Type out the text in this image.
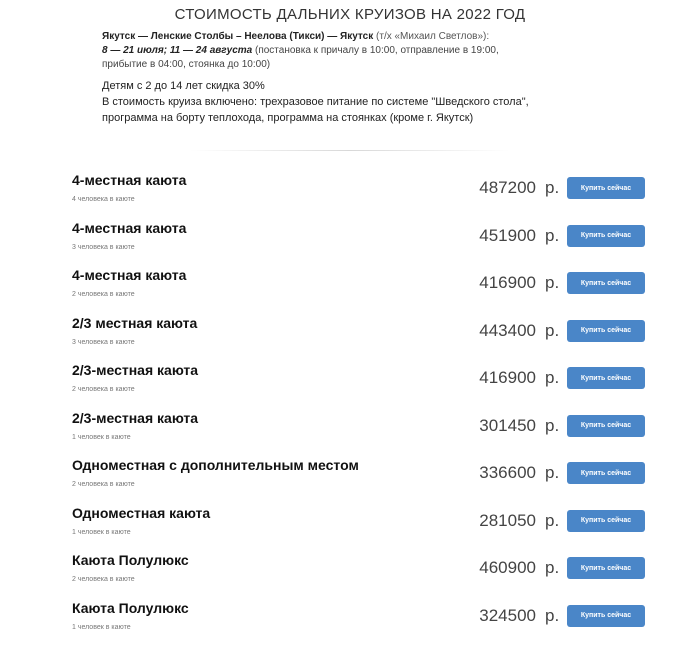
СТОИМОСТЬ ДАЛЬНИХ КРУИЗОВ НА 2022 ГОД
Якутск — Ленские Столбы – Неелова (Тикси) — Якутск (т/х «Михаил Светлов»):
8 — 21 июля; 11 — 24 августа (постановка к причалу в 10:00, отправление в 19:00,
прибытие в 04:00, стоянка до 10:00)
Детям с 2 до 14 лет скидка 30%
В стоимость круиза включено: трехразовое питание по системе "Шведского стола", программа на борту теплохода, программа на стоянках (кроме г. Якутск)
4-местная каюта
4 человека в каюте
487200 р.	Купить сейчас
4-местная каюта
3 человека в каюте
451900 р.	Купить сейчас
4-местная каюта
2 человека в каюте
416900 р.	Купить сейчас
2/3 местная каюта
3 человека в каюте
443400 р.	Купить сейчас
2/3-местная каюта
2 человека в каюте
416900 р.	Купить сейчас
2/3-местная каюта
1 человек в каюте
301450 р.	Купить сейчас
Одноместная с дополнительным местом
2 человека в каюте
336600 р.	Купить сейчас
Одноместная каюта
1 человек в каюте
281050 р.	Купить сейчас
Каюта Полулюкс
2 человека в каюте
460900 р.	Купить сейчас
Каюта Полулюкс
1 человек в каюте
324500 р.	Купить сейчас
